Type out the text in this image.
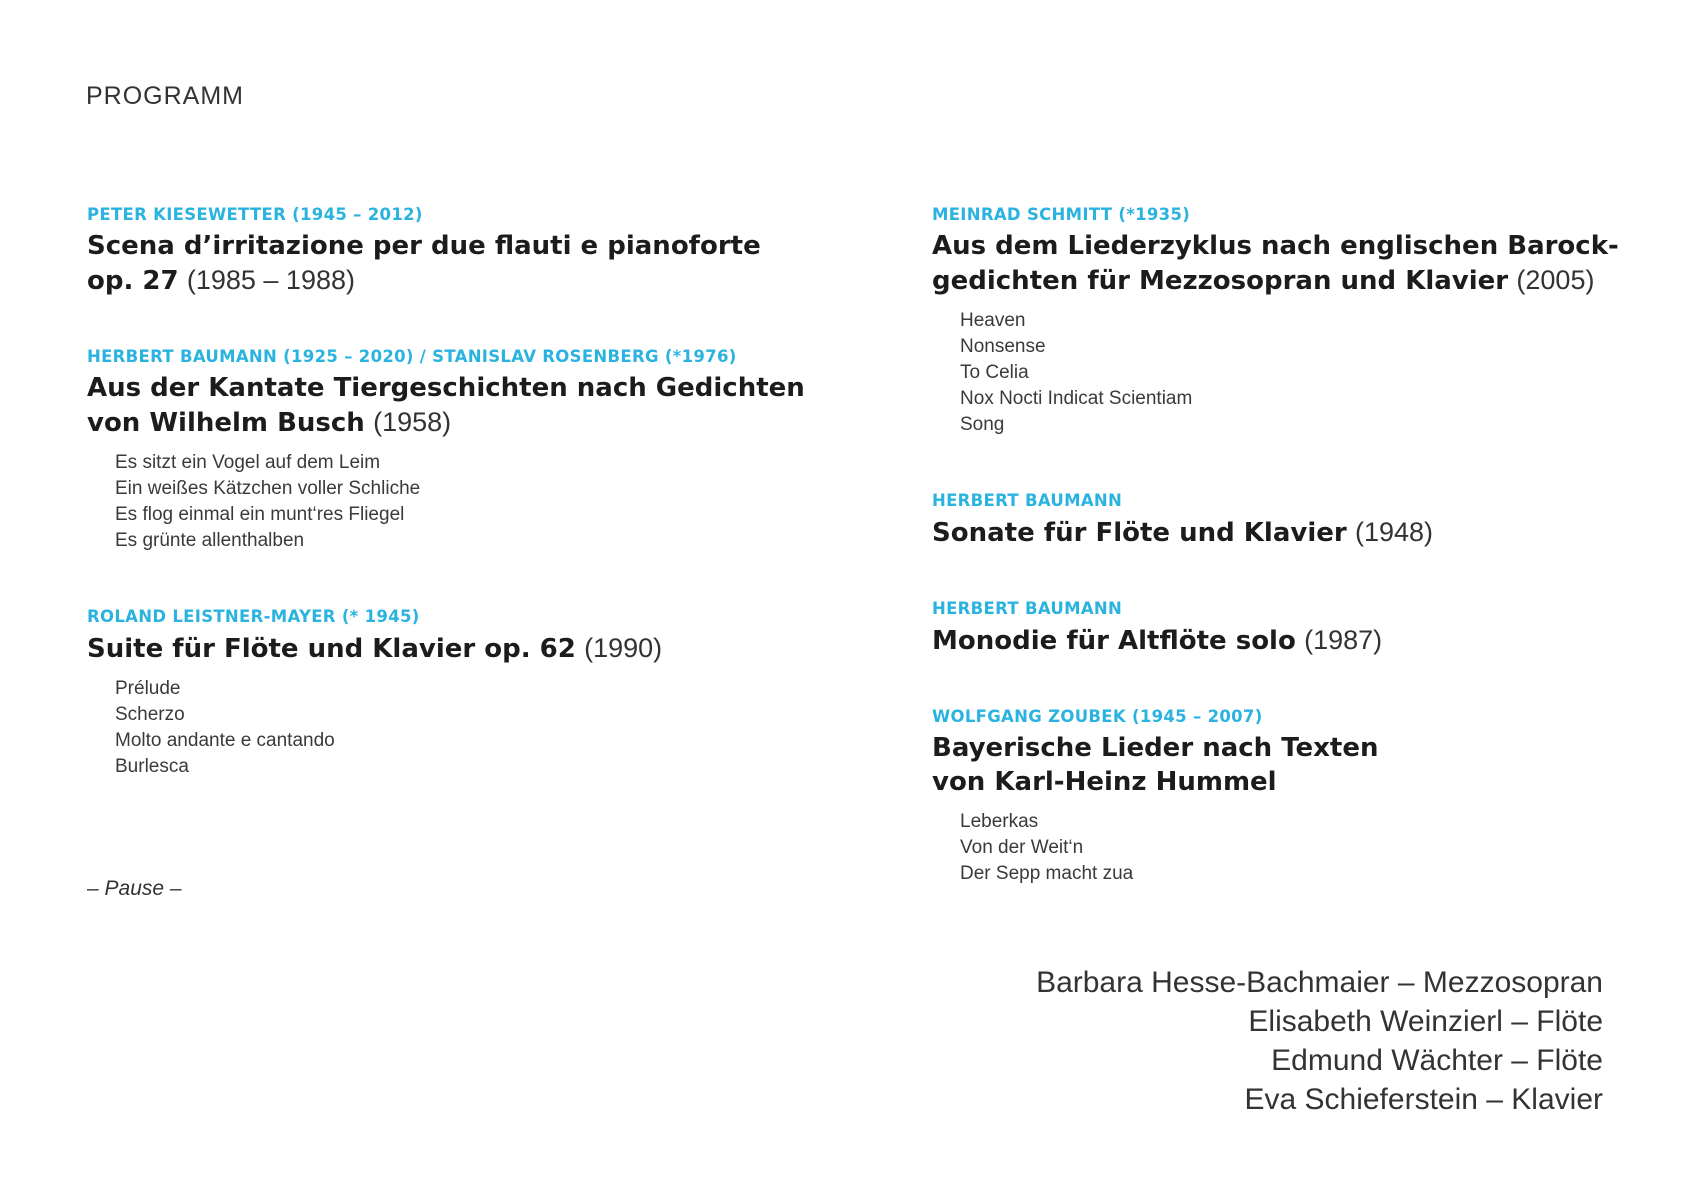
PROGRAMM
PETER KIESEWETTER (1945 – 2012)
Scena d’irritazione per due flauti e pianoforte
op. 27 (1985 – 1988)
HERBERT BAUMANN (1925 – 2020) / STANISLAV ROSENBERG (*1976)
Aus der Kantate Tiergeschichten nach Gedichten
von Wilhelm Busch (1958)
Es sitzt ein Vogel auf dem Leim
Ein weißes Kätzchen voller Schliche
Es flog einmal ein munt‘res Fliegel
Es grünte allenthalben
ROLAND LEISTNER-MAYER (* 1945)
Suite für Flöte und Klavier op. 62 (1990)
Prélude
Scherzo
Molto andante e cantando
Burlesca
– Pause –
MEINRAD SCHMITT (*1935)
Aus dem Liederzyklus nach englischen Barock-
gedichten für Mezzosopran und Klavier (2005)
Heaven
Nonsense
To Celia
Nox Nocti Indicat Scientiam
Song
HERBERT BAUMANN
Sonate für Flöte und Klavier (1948)
HERBERT BAUMANN
Monodie für Altflöte solo (1987)
WOLFGANG ZOUBEK (1945 – 2007)
Bayerische Lieder nach Texten
von Karl-Heinz Hummel
Leberkas
Von der Weit‘n
Der Sepp macht zua
Barbara Hesse-Bachmaier – Mezzosopran
Elisabeth Weinzierl – Flöte
Edmund Wächter – Flöte
Eva Schieferstein – Klavier
